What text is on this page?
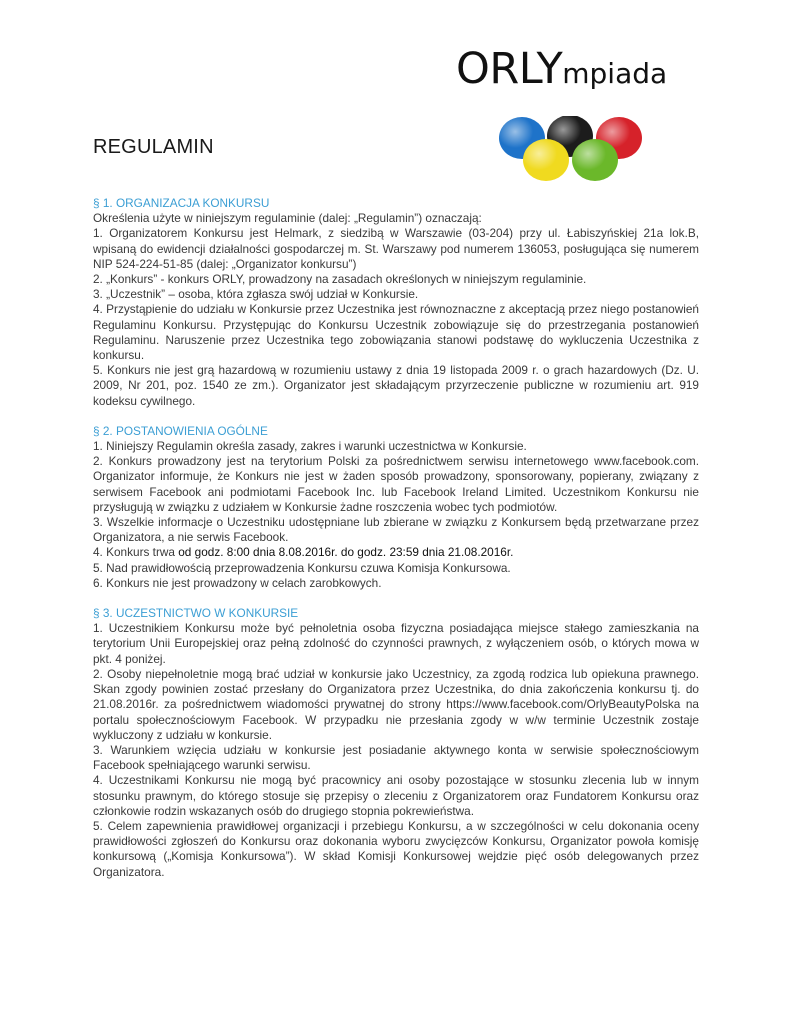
ORLYmpiada
REGULAMIN
§ 1. ORGANIZACJA KONKURSU
Określenia użyte w niniejszym regulaminie (dalej: „Regulamin”) oznaczają:
1. Organizatorem Konkursu jest Helmark, z siedzibą w Warszawie (03-204) przy ul. Łabiszyńskiej 21a lok.B, wpisaną do ewidencji działalności gospodarczej m. St. Warszawy pod numerem 136053, posługująca się numerem NIP 524-224-51-85 (dalej: „Organizator konkursu”)
2. „Konkurs” - konkurs ORLY, prowadzony na zasadach określonych w niniejszym regulaminie.
3. „Uczestnik” – osoba, która zgłasza swój udział w Konkursie.
4. Przystąpienie do udziału w Konkursie przez Uczestnika jest równoznaczne z akceptacją przez niego postanowień Regulaminu Konkursu. Przystępując do Konkursu Uczestnik zobowiązuje się do przestrzegania postanowień Regulaminu. Naruszenie przez Uczestnika tego zobowiązania stanowi podstawę do wykluczenia Uczestnika z konkursu.
5. Konkurs nie jest grą hazardową w rozumieniu ustawy z dnia 19 listopada 2009 r. o grach hazardowych (Dz. U. 2009, Nr 201, poz. 1540 ze zm.). Organizator jest składającym przyrzeczenie publiczne w rozumieniu art. 919 kodeksu cywilnego.
§ 2. POSTANOWIENIA OGÓLNE
1. Niniejszy Regulamin określa zasady, zakres i warunki uczestnictwa w Konkursie.
2. Konkurs prowadzony jest na terytorium Polski za pośrednictwem serwisu internetowego www.facebook.com. Organizator informuje, że Konkurs nie jest w żaden sposób prowadzony, sponsorowany, popierany, związany z serwisem Facebook ani podmiotami Facebook Inc. lub Facebook Ireland Limited. Uczestnikom Konkursu nie przysługują w związku z udziałem w Konkursie żadne roszczenia wobec tych podmiotów.
3. Wszelkie informacje o Uczestniku udostępniane lub zbierane w związku z Konkursem będą przetwarzane przez Organizatora, a nie serwis Facebook.
4. Konkurs trwa od godz. 8:00 dnia 8.08.2016r. do godz. 23:59 dnia 21.08.2016r.
5. Nad prawidłowością przeprowadzenia Konkursu czuwa Komisja Konkursowa.
6. Konkurs nie jest prowadzony w celach zarobkowych.
§ 3. UCZESTNICTWO W KONKURSIE
1. Uczestnikiem Konkursu może być pełnoletnia osoba fizyczna posiadająca miejsce stałego zamieszkania na terytorium Unii Europejskiej oraz pełną zdolność do czynności prawnych, z wyłączeniem osób, o których mowa w pkt. 4 poniżej.
2. Osoby niepełnoletnie mogą brać udział w konkursie jako Uczestnicy, za zgodą rodzica lub opiekuna prawnego. Skan zgody powinien zostać przesłany do Organizatora przez Uczestnika, do dnia zakończenia konkursu tj. do 21.08.2016r. za pośrednictwem wiadomości prywatnej do strony https://www.facebook.com/OrlyBeautyPolska na portalu społecznościowym Facebook. W przypadku nie przesłania zgody w w/w terminie Uczestnik zostaje wykluczony z udziału w konkursie.
3. Warunkiem wzięcia udziału w konkursie jest posiadanie aktywnego konta w serwisie społecznościowym Facebook spełniającego warunki serwisu.
4. Uczestnikami Konkursu nie mogą być pracownicy ani osoby pozostające w stosunku zlecenia lub w innym stosunku prawnym, do którego stosuje się przepisy o zleceniu z Organizatorem oraz Fundatorem Konkursu oraz członkowie rodzin wskazanych osób do drugiego stopnia pokrewieństwa.
5. Celem zapewnienia prawidłowej organizacji i przebiegu Konkursu, a w szczególności w celu dokonania oceny prawidłowości zgłoszeń do Konkursu oraz dokonania wyboru zwycięzców Konkursu, Organizator powoła komisję konkursową („Komisja Konkursowa”). W skład Komisji Konkursowej wejdzie pięć osób delegowanych przez Organizatora.
